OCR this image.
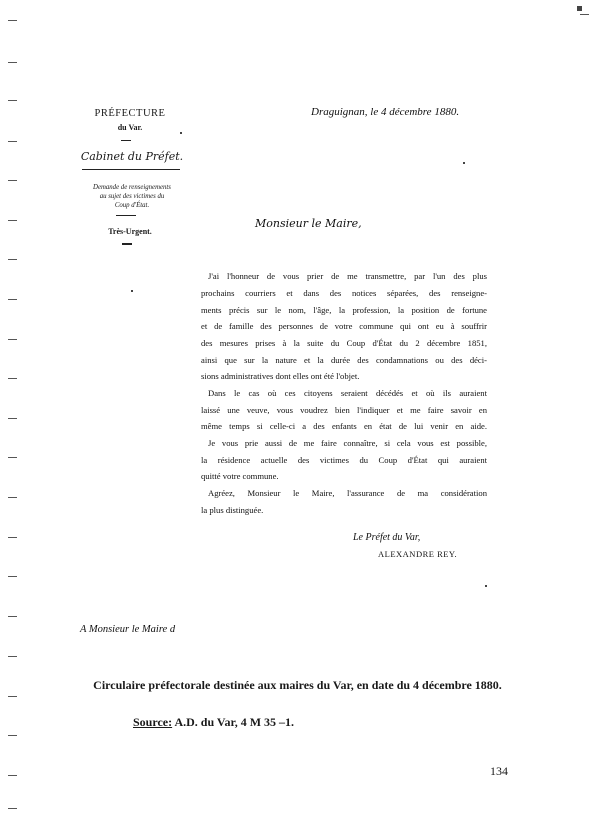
PRÉFECTURE
du Var.
Cabinet du Préfet.
Demande de renseignements
au sujet des victimes du
Coup d'État.
Très-Urgent.
Draguignan, le 4 décembre 1880.
Monsieur le Maire,
J'ai l'honneur de vous prier de me transmettre, par l'un des plus
prochains courriers et dans des notices séparées, des renseigne-
ments précis sur le nom, l'âge, la profession, la position de fortune
et de famille des personnes de votre commune qui ont eu à souffrir
des mesures prises à la suite du Coup d'État du 2 décembre 1851,
ainsi que sur la nature et la durée des condamnations ou des déci-
sions administratives dont elles ont été l'objet.
Dans le cas où ces citoyens seraient décédés et où ils auraient
laissé une veuve, vous voudrez bien l'indiquer et me faire savoir en
même temps si celle-ci a des enfants en état de lui venir en aide.
Je vous prie aussi de me faire connaître, si cela vous est possible,
la résidence actuelle des victimes du Coup d'État qui auraient
quitté votre commune.
Agréez, Monsieur le Maire, l'assurance de ma considération
la plus distinguée.
Le Préfet du Var,
ALEXANDRE REY.
A Monsieur le Maire d
Circulaire préfectorale destinée aux maires du Var, en date du 4 décembre 1880.
Source: A.D. du Var, 4 M 35 –1.
134
